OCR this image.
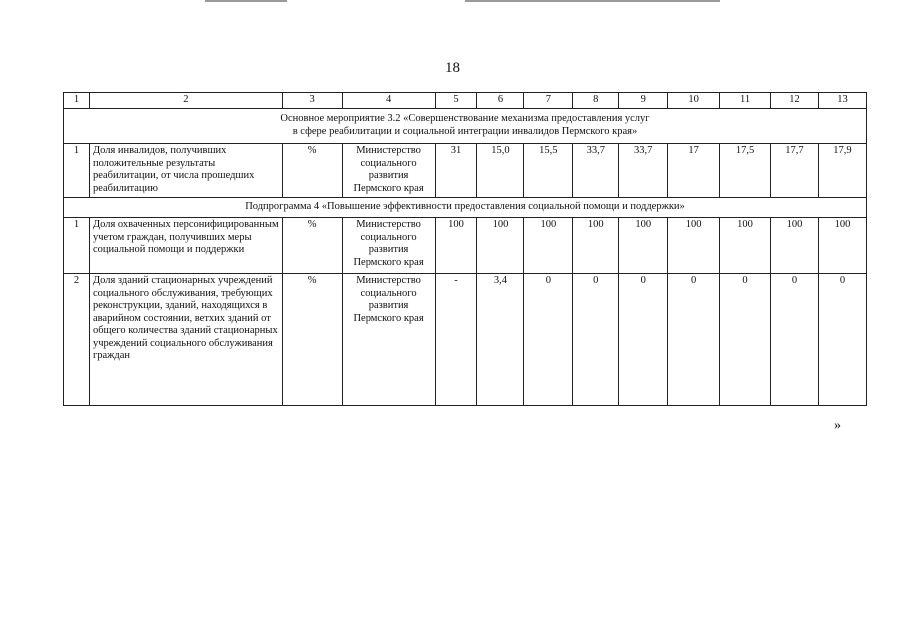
18
1	2	3	4	5	6	7	8	9	10	11	12	13

Основное мероприятие 3.2 «Совершенствование механизма предоставления услуг
в сфере реабилитации и социальной интеграции инвалидов Пермского края»												

1	Доля инвалидов, получивших положительные результаты реабилитации, от числа прошедших реабилитацию	%	Министерство социального развития Пермского края	31	15,0	15,5	33,7	33,7	17	17,5	17,7	17,9
Подпрограмма 4 «Повышение эффективности предоставления социальной помощи и поддержки»												
1	Доля охваченных персонифицированным учетом граждан, получивших меры социальной помощи и поддержки	%	Министерство социального развития Пермского края	100	100	100	100	100	100	100	100	100
2	Доля зданий стационарных учреждений социального обслуживания, требующих реконструкции, зданий, находящихся в аварийном состоянии, ветхих зданий от общего количества зданий стационарных учреждений социального обслуживания граждан	%	Министерство социального развития Пермского края	-	3,4	0	0	0	0	0	0	0
»
